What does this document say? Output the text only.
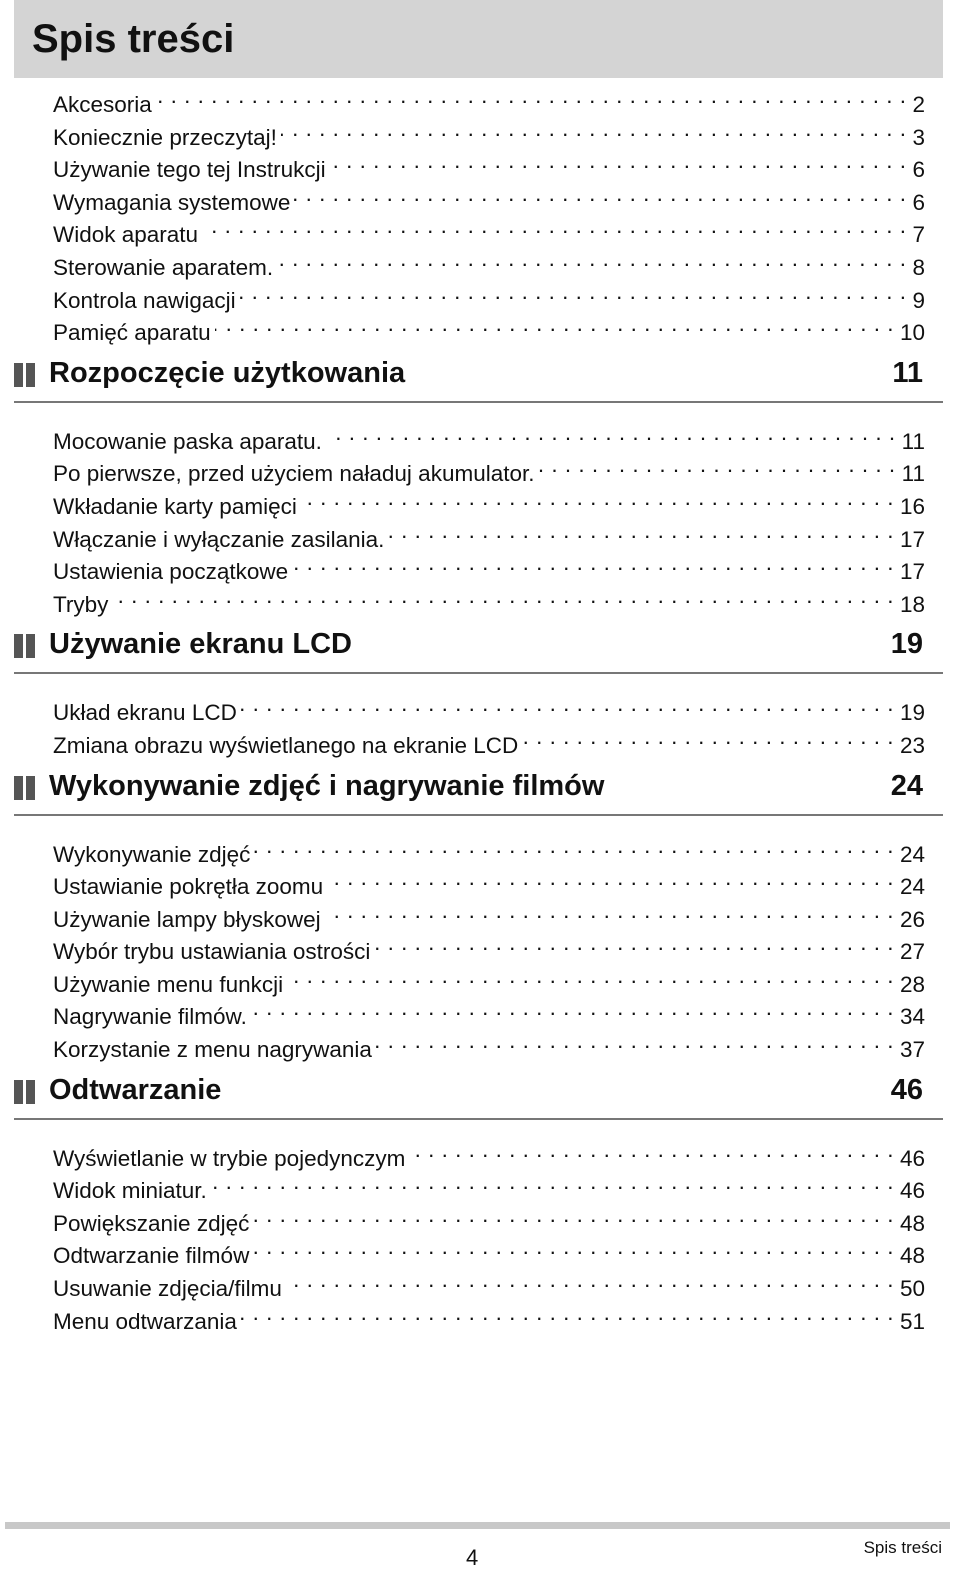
Spis treści
Akcesoria . . .	2
Koniecznie przeczytaj! . . .	3
Używanie tego tej Instrukcji . . .	6
Wymagania systemowe . . .	6
Widok aparatu . . .	7
Sterowanie aparatem. . . .	8
Kontrola nawigacji . . .	9
Pamięć aparatu . . .	10
Rozpoczęcie użytkowania	11
Mocowanie paska aparatu. . . .	11
Po pierwsze, przed użyciem naładuj akumulator. . . .	11
Wkładanie karty pamięci . . .	16
Włączanie i wyłączanie zasilania. . . .	17
Ustawienia początkowe . . .	17
Tryby . . .	18
Używanie ekranu LCD	19
Układ ekranu LCD . . .	19
Zmiana obrazu wyświetlanego na ekranie LCD . . .	23
Wykonywanie zdjęć i nagrywanie filmów	24
Wykonywanie zdjęć . . .	24
Ustawianie pokrętła zoomu . . .	24
Używanie lampy błyskowej . . .	26
Wybór trybu ustawiania ostrości . . .	27
Używanie menu funkcji . . .	28
Nagrywanie filmów. . . .	34
Korzystanie z menu nagrywania . . .	37
Odtwarzanie	46
Wyświetlanie w trybie pojedynczym . . .	46
Widok miniatur. . . .	46
Powiększanie zdjęć . . .	48
Odtwarzanie filmów . . .	48
Usuwanie zdjęcia/filmu . . .	50
Menu odtwarzania . . .	51
4	Spis treści
